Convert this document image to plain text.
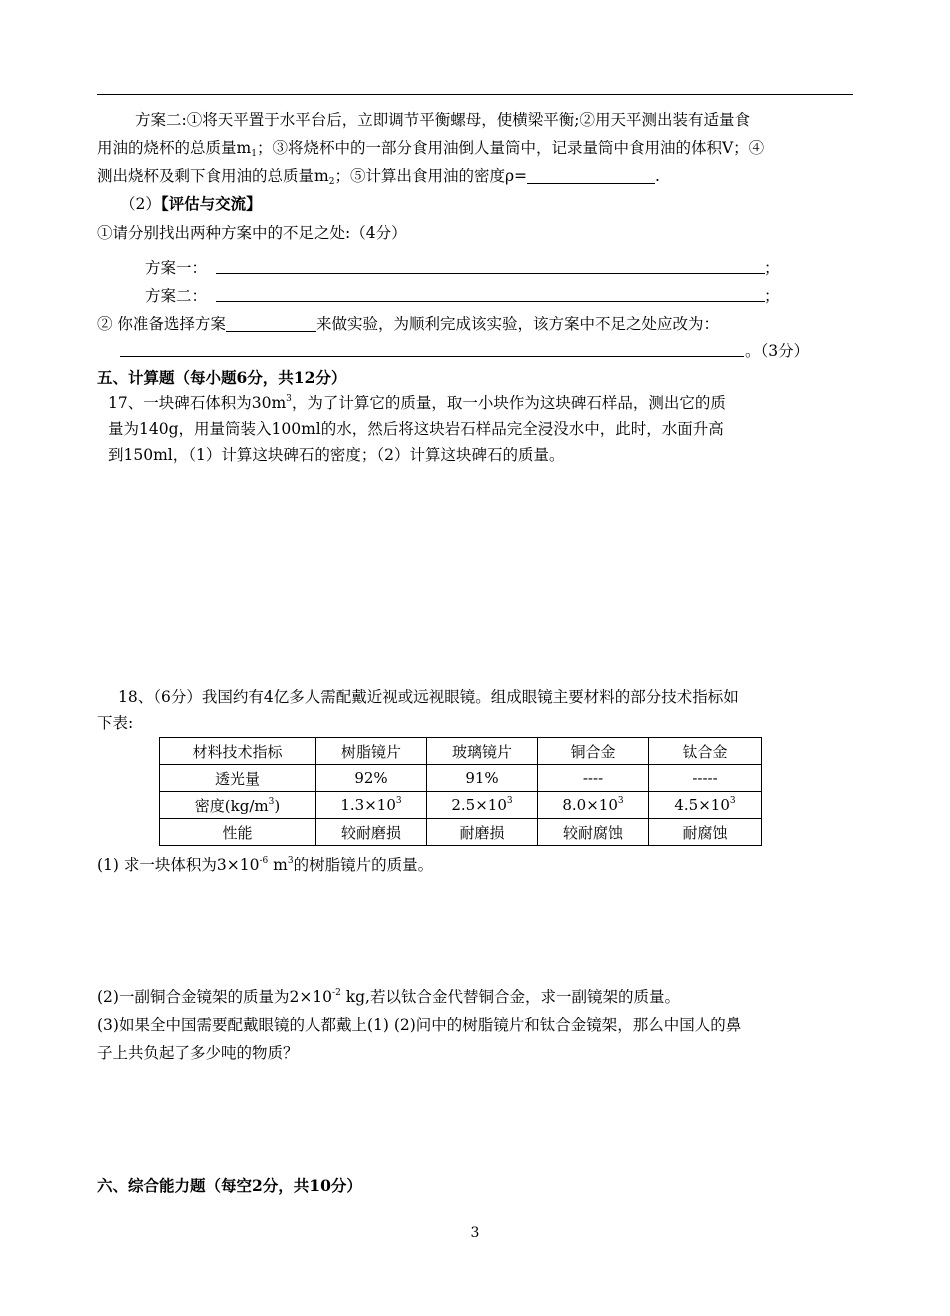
方案二:①将天平置于水平台后，立即调节平衡螺母，使横梁平衡;②用天平测出装有适量食
用油的烧杯的总质量$m_1$；③将烧杯中的一部分食用油倒人量筒中，记录量筒中食用油的体积V；④
测出烧杯及剩下食用油的总质量$m_2$；⑤计算出食用油的密度ρ=	.
（2）【评估与交流】
①请分别找出两种方案中的不足之处:（4分）
方案一：	；
方案二：	；
② 你准备选择方案	来做实验，为顺利完成该实验，该方案中不足之处应改为：
。（3分）
五、计算题（每小题6分，共12分）
17、一块碑石体积为$30m^3$，为了计算它的质量，取一小块作为这块碑石样品，测出它的质
量为140g，用量筒装入100ml的水，然后将这块岩石样品完全浸没水中，此时，水面升高
到150ml，（1）计算这块碑石的密度；（2）计算这块碑石的质量。
18、（6分）我国约有4亿多人需配戴近视或远视眼镜。组成眼镜主要材料的部分技术指标如
下表:
材料技术指标	树脂镜片	玻璃镜片	铜合金	钛合金
透光量	92%	91%	----	-----
密度$(kg/m^3)$	$1.3\times 10^3$	$2.5\times 10^3$	$8.0\times 10^3$	$4.5\times 10^3$
性能	较耐磨损	耐磨损	较耐腐蚀	耐腐蚀
(1) 求一块体积为$3\times 10^{-6}$ $m^3$的树脂镜片的质量。
(2)一副铜合金镜架的质量为$2\times 10^{-2}$ kg,若以钛合金代替铜合金，求一副镜架的质量。
(3)如果全中国需要配戴眼镜的人都戴上(1) (2)问中的树脂镜片和钛合金镜架，那么中国人的鼻
子上共负起了多少吨的物质？
六、综合能力题（每空2分，共10分）
3
